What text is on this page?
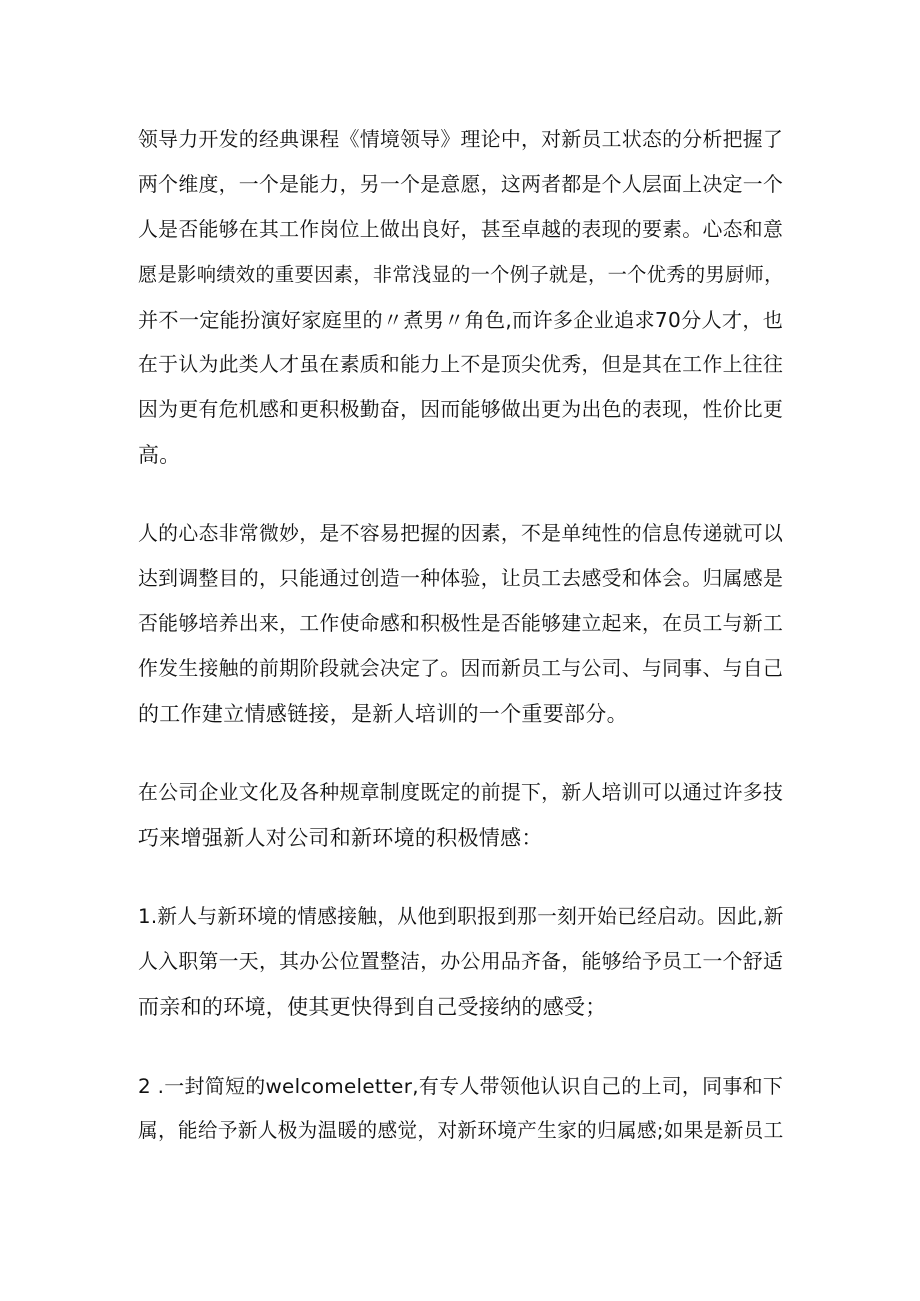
领导力开发的经典课程《情境领导》理论中，对新员工状态的分析把握了
两个维度，一个是能力，另一个是意愿，这两者都是个人层面上决定一个
人是否能够在其工作岗位上做出良好，甚至卓越的表现的要素。心态和意
愿是影响绩效的重要因素，非常浅显的一个例子就是，一个优秀的男厨师，
并不一定能扮演好家庭里的〃煮男〃角色,而许多企业追求70分人才，也
在于认为此类人才虽在素质和能力上不是顶尖优秀，但是其在工作上往往
因为更有危机感和更积极勤奋，因而能够做出更为出色的表现，性价比更
高。
人的心态非常微妙，是不容易把握的因素，不是单纯性的信息传递就可以
达到调整目的，只能通过创造一种体验，让员工去感受和体会。归属感是
否能够培养出来，工作使命感和积极性是否能够建立起来，在员工与新工
作发生接触的前期阶段就会决定了。因而新员工与公司、与同事、与自己
的工作建立情感链接，是新人培训的一个重要部分。
在公司企业文化及各种规章制度既定的前提下，新人培训可以通过许多技
巧来增强新人对公司和新环境的积极情感：
1.新人与新环境的情感接触，从他到职报到那一刻开始已经启动。因此,新
人入职第一天，其办公位置整洁，办公用品齐备，能够给予员工一个舒适
而亲和的环境，使其更快得到自己受接纳的感受；
2 .一封简短的welcomeletter,有专人带领他认识自己的上司，同事和下
属，能给予新人极为温暖的感觉，对新环境产生家的归属感;如果是新员工
